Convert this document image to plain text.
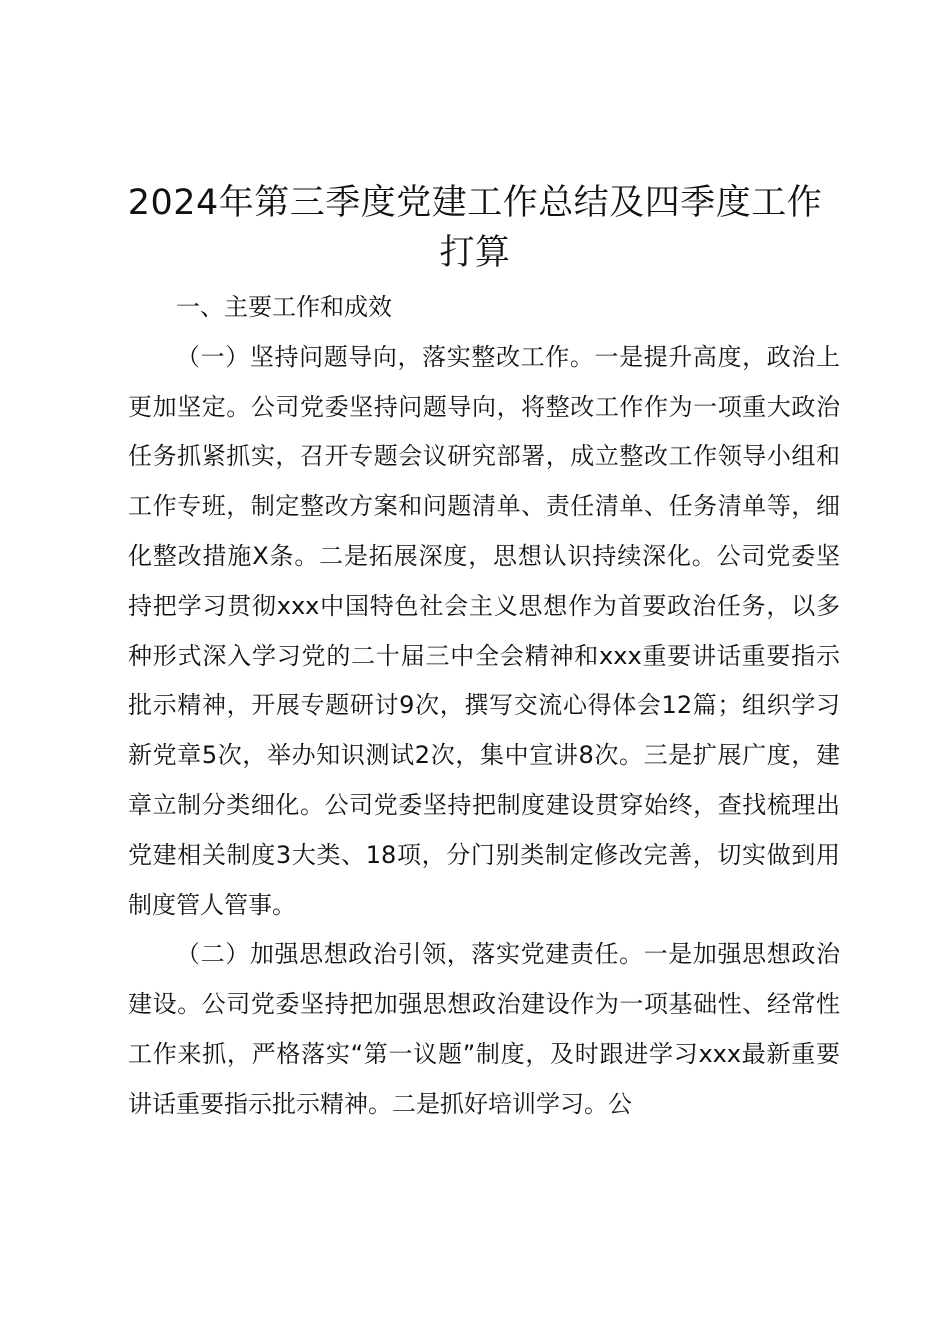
2024年第三季度党建工作总结及四季度工作打算

一、主要工作和成效

（一）坚持问题导向，落实整改工作。一是提升高度，政治上更加坚定。公司党委坚持问题导向，将整改工作作为一项重大政治任务抓紧抓实，召开专题会议研究部署，成立整改工作领导小组和工作专班，制定整改方案和问题清单、责任清单、任务清单等，细化整改措施X条。二是拓展深度，思想认识持续深化。公司党委坚持把学习贯彻xxx中国特色社会主义思想作为首要政治任务，以多种形式深入学习党的二十届三中全会精神和xxx重要讲话重要指示批示精神，开展专题研讨9次，撰写交流心得体会12篇；组织学习新党章5次，举办知识测试2次，集中宣讲8次。三是扩展广度，建章立制分类细化。公司党委坚持把制度建设贯穿始终，查找梳理出党建相关制度3大类、18项，分门别类制定修改完善，切实做到用制度管人管事。

（二）加强思想政治引领，落实党建责任。一是加强思想政治建设。公司党委坚持把加强思想政治建设作为一项基础性、经常性工作来抓，严格落实“第一议题”制度，及时跟进学习xxx最新重要讲话重要指示批示精神。二是抓好培训学习。公
